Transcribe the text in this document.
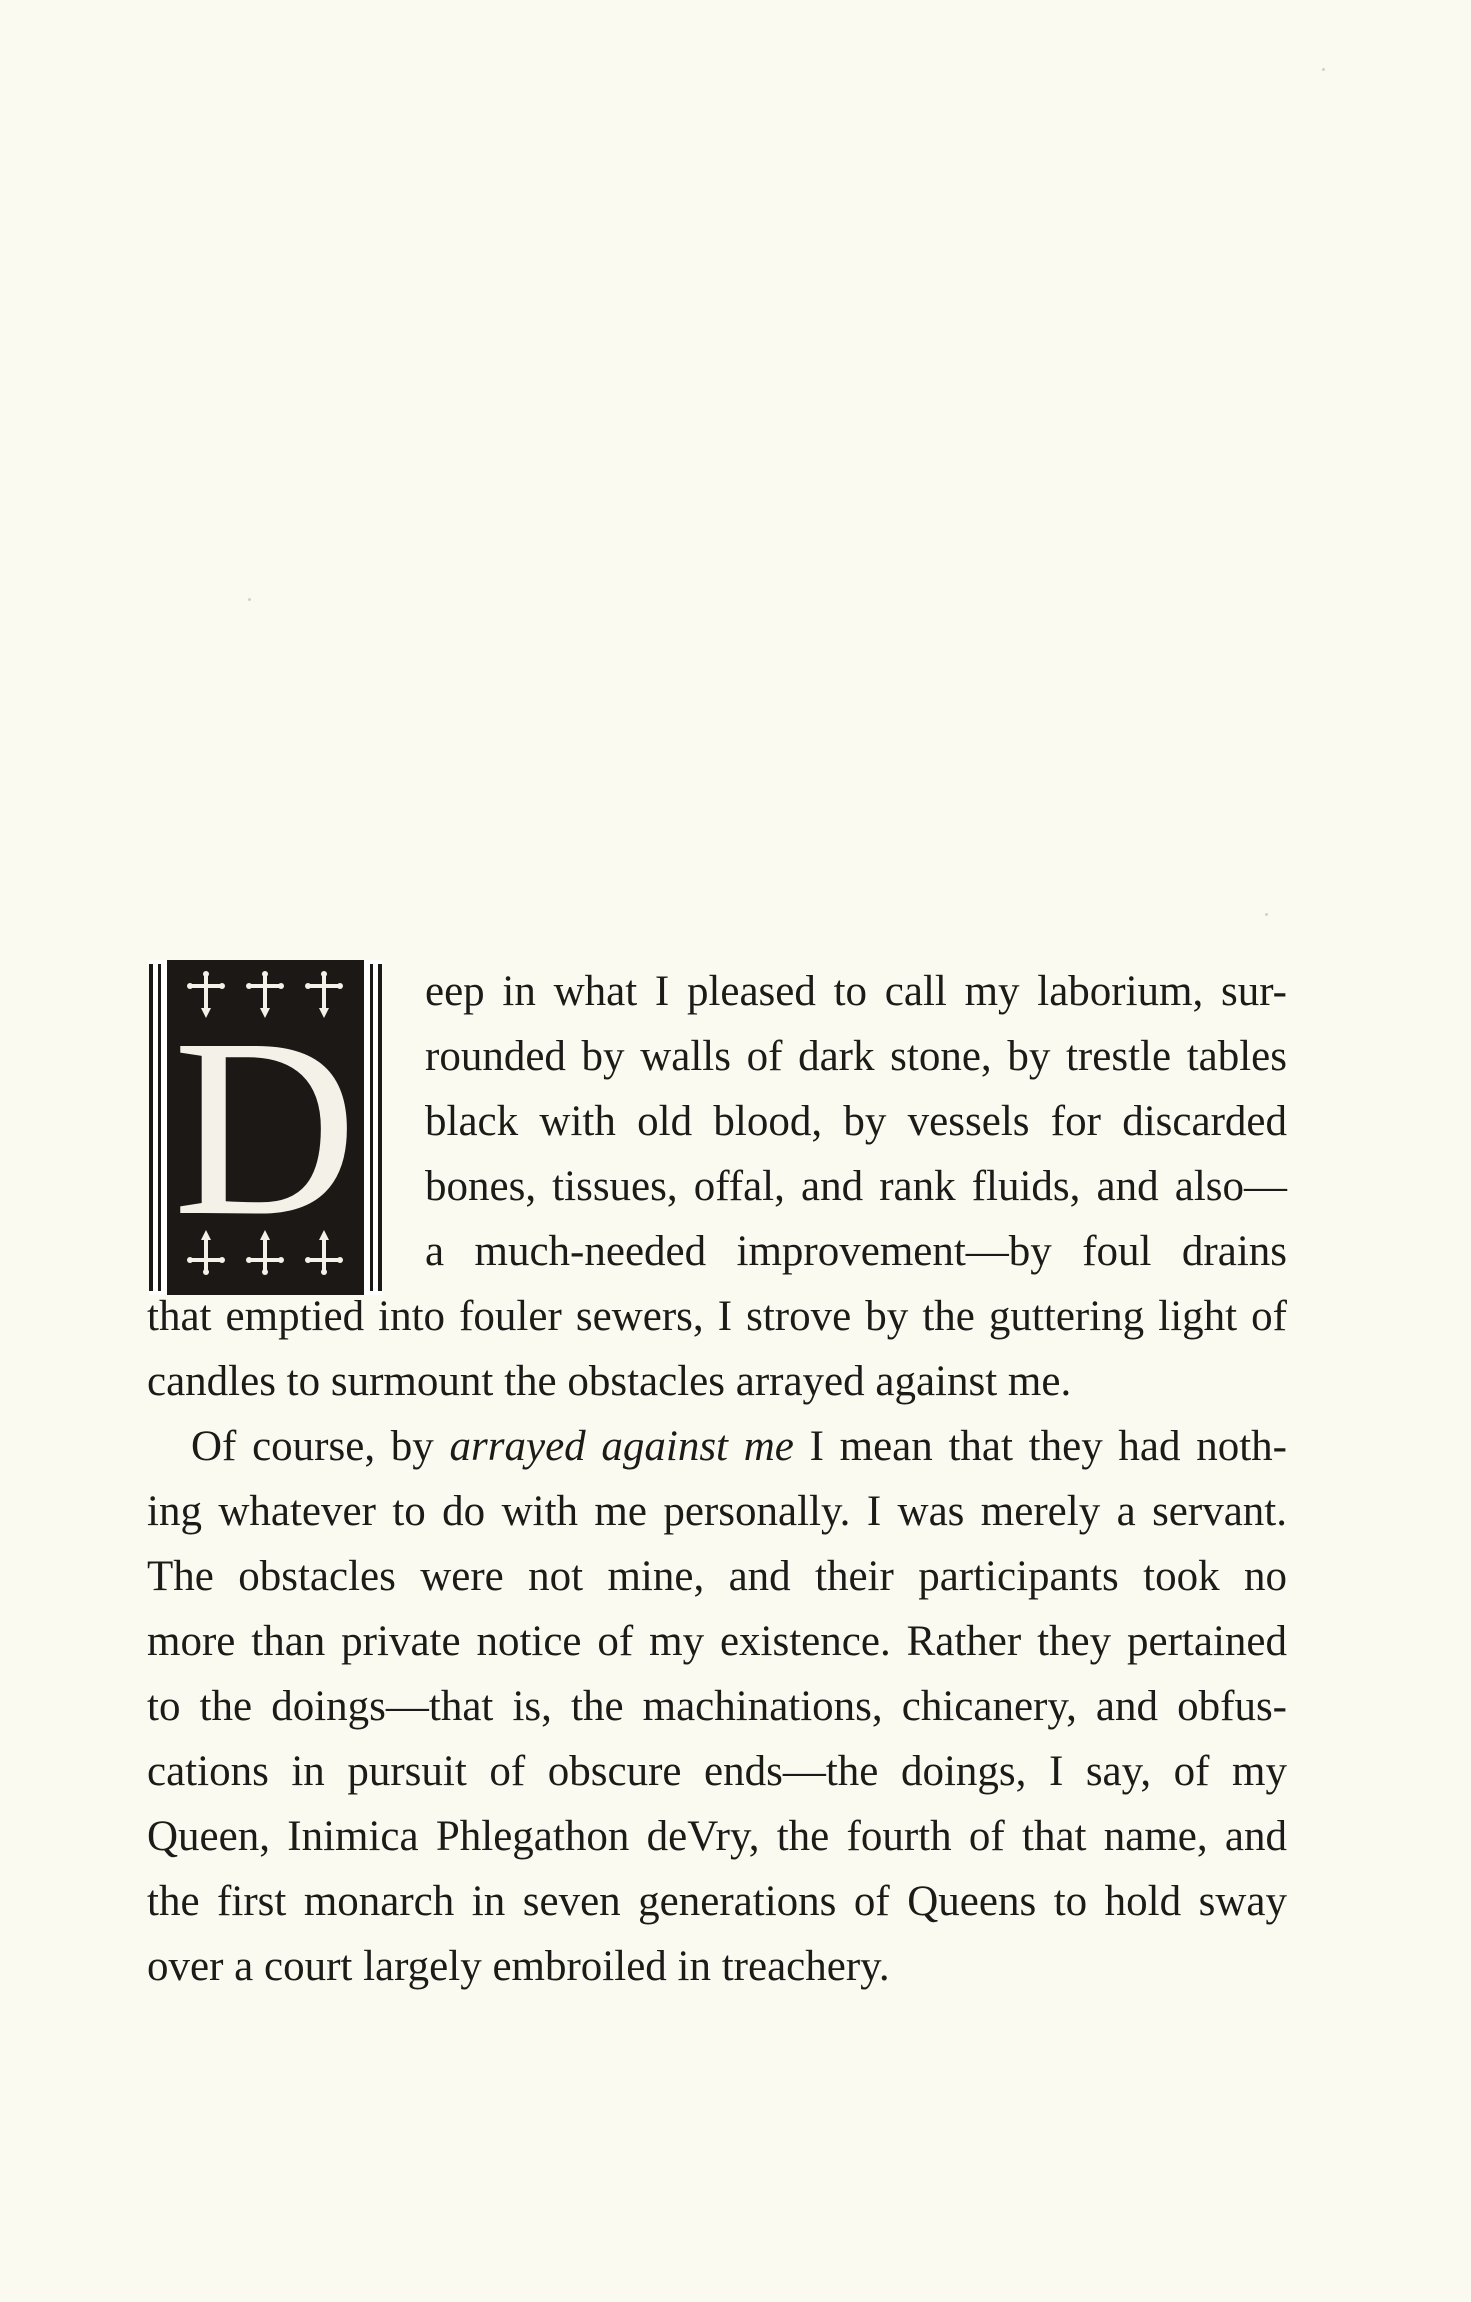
D eep in what I pleased to call my laborium, sur-
rounded by walls of dark stone, by trestle tables
black with old blood, by vessels for discarded
bones, tissues, offal, and rank fluids, and also—
a much-needed improvement—by foul drains
that emptied into fouler sewers, I strove by the guttering light of
candles to surmount the obstacles arrayed against me.
Of course, by arrayed against me I mean that they had noth-
ing whatever to do with me personally. I was merely a servant.
The obstacles were not mine, and their participants took no
more than private notice of my existence. Rather they pertained
to the doings—that is, the machinations, chicanery, and obfus-
cations in pursuit of obscure ends—the doings, I say, of my
Queen, Inimica Phlegathon deVry, the fourth of that name, and
the first monarch in seven generations of Queens to hold sway
over a court largely embroiled in treachery.
